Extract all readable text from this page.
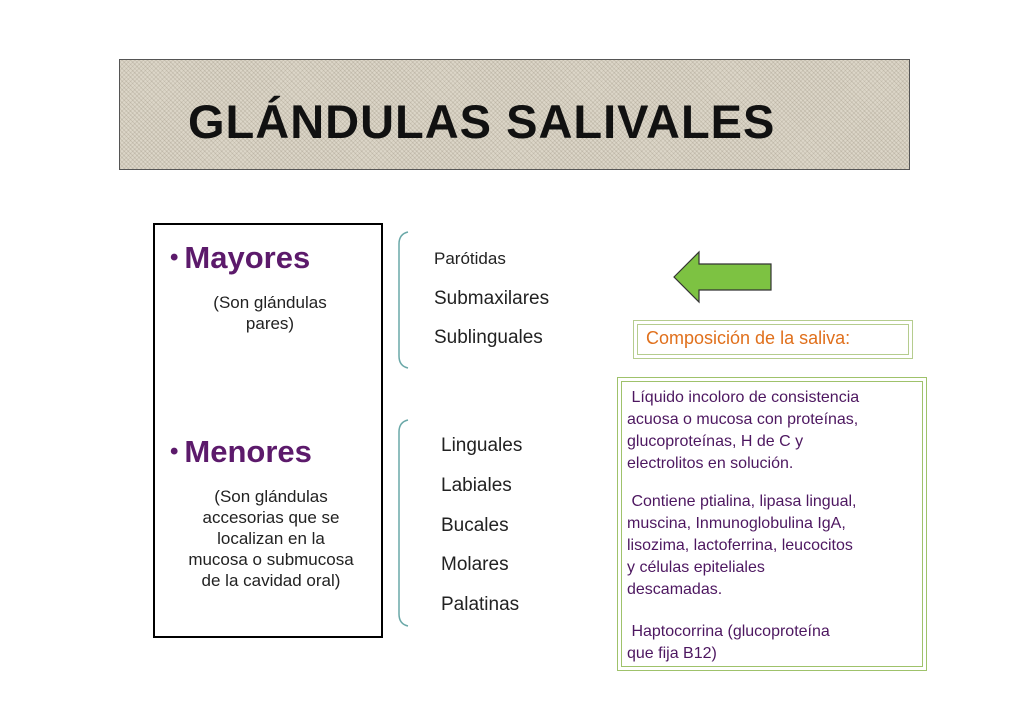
GLÁNDULAS SALIVALES
• Mayores
(Son glándulas
pares)
Parótidas
Submaxilares
Sublinguales
• Menores
(Son glándulas
accesorias que se
localizan en la
mucosa o submucosa
de la cavidad oral)
Linguales
Labiales
Bucales
Molares
Palatinas
Composición de la saliva:
Líquido incoloro de consistencia
acuosa o mucosa con proteínas,
glucoproteínas, H de C y
electrolitos en solución.
Contiene ptialina, lipasa lingual,
muscina, Inmunoglobulina IgA,
lisozima, lactoferrina, leucocitos
y células epiteliales
descamadas.
Haptocorrina (glucoproteína
que fija B12)
